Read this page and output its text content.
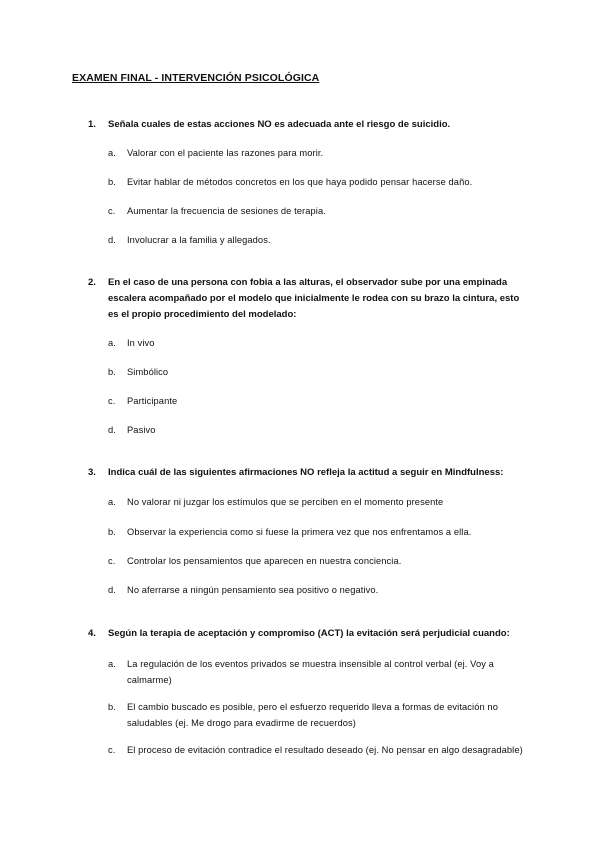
EXAMEN FINAL - INTERVENCIÓN PSICOLÓGICA
1. Señala cuales de estas acciones NO es adecuada ante el riesgo de suicidio.
a. Valorar con el paciente las razones para morir.
b. Evitar hablar de métodos concretos en los que haya podido pensar hacerse daño.
c. Aumentar la frecuencia de sesiones de terapia.
d. Involucrar a la familia y allegados.
2. En el caso de una persona con fobia a las alturas, el observador sube por una empinada escalera acompañado por el modelo que inicialmente le rodea con su brazo la cintura, esto es el propio procedimiento del modelado:
a. In vivo
b. Simbólico
c. Participante
d. Pasivo
3. Indica cuál de las siguientes afirmaciones NO refleja la actitud a seguir en Mindfulness:
a. No valorar ni juzgar los estímulos que se perciben en el momento presente
b. Observar la experiencia como si fuese la primera vez que nos enfrentamos a ella.
c. Controlar los pensamientos que aparecen en nuestra conciencia.
d. No aferrarse a ningún pensamiento sea positivo o negativo.
4. Según la terapia de aceptación y compromiso (ACT) la evitación será perjudicial cuando:
a. La regulación de los eventos privados se muestra insensible al control verbal (ej. Voy a calmarme)
b. El cambio buscado es posible, pero el esfuerzo requerido lleva a formas de evitación no saludables (ej. Me drogo para evadirme de recuerdos)
c. El proceso de evitación contradice el resultado deseado (ej. No pensar en algo desagradable)
